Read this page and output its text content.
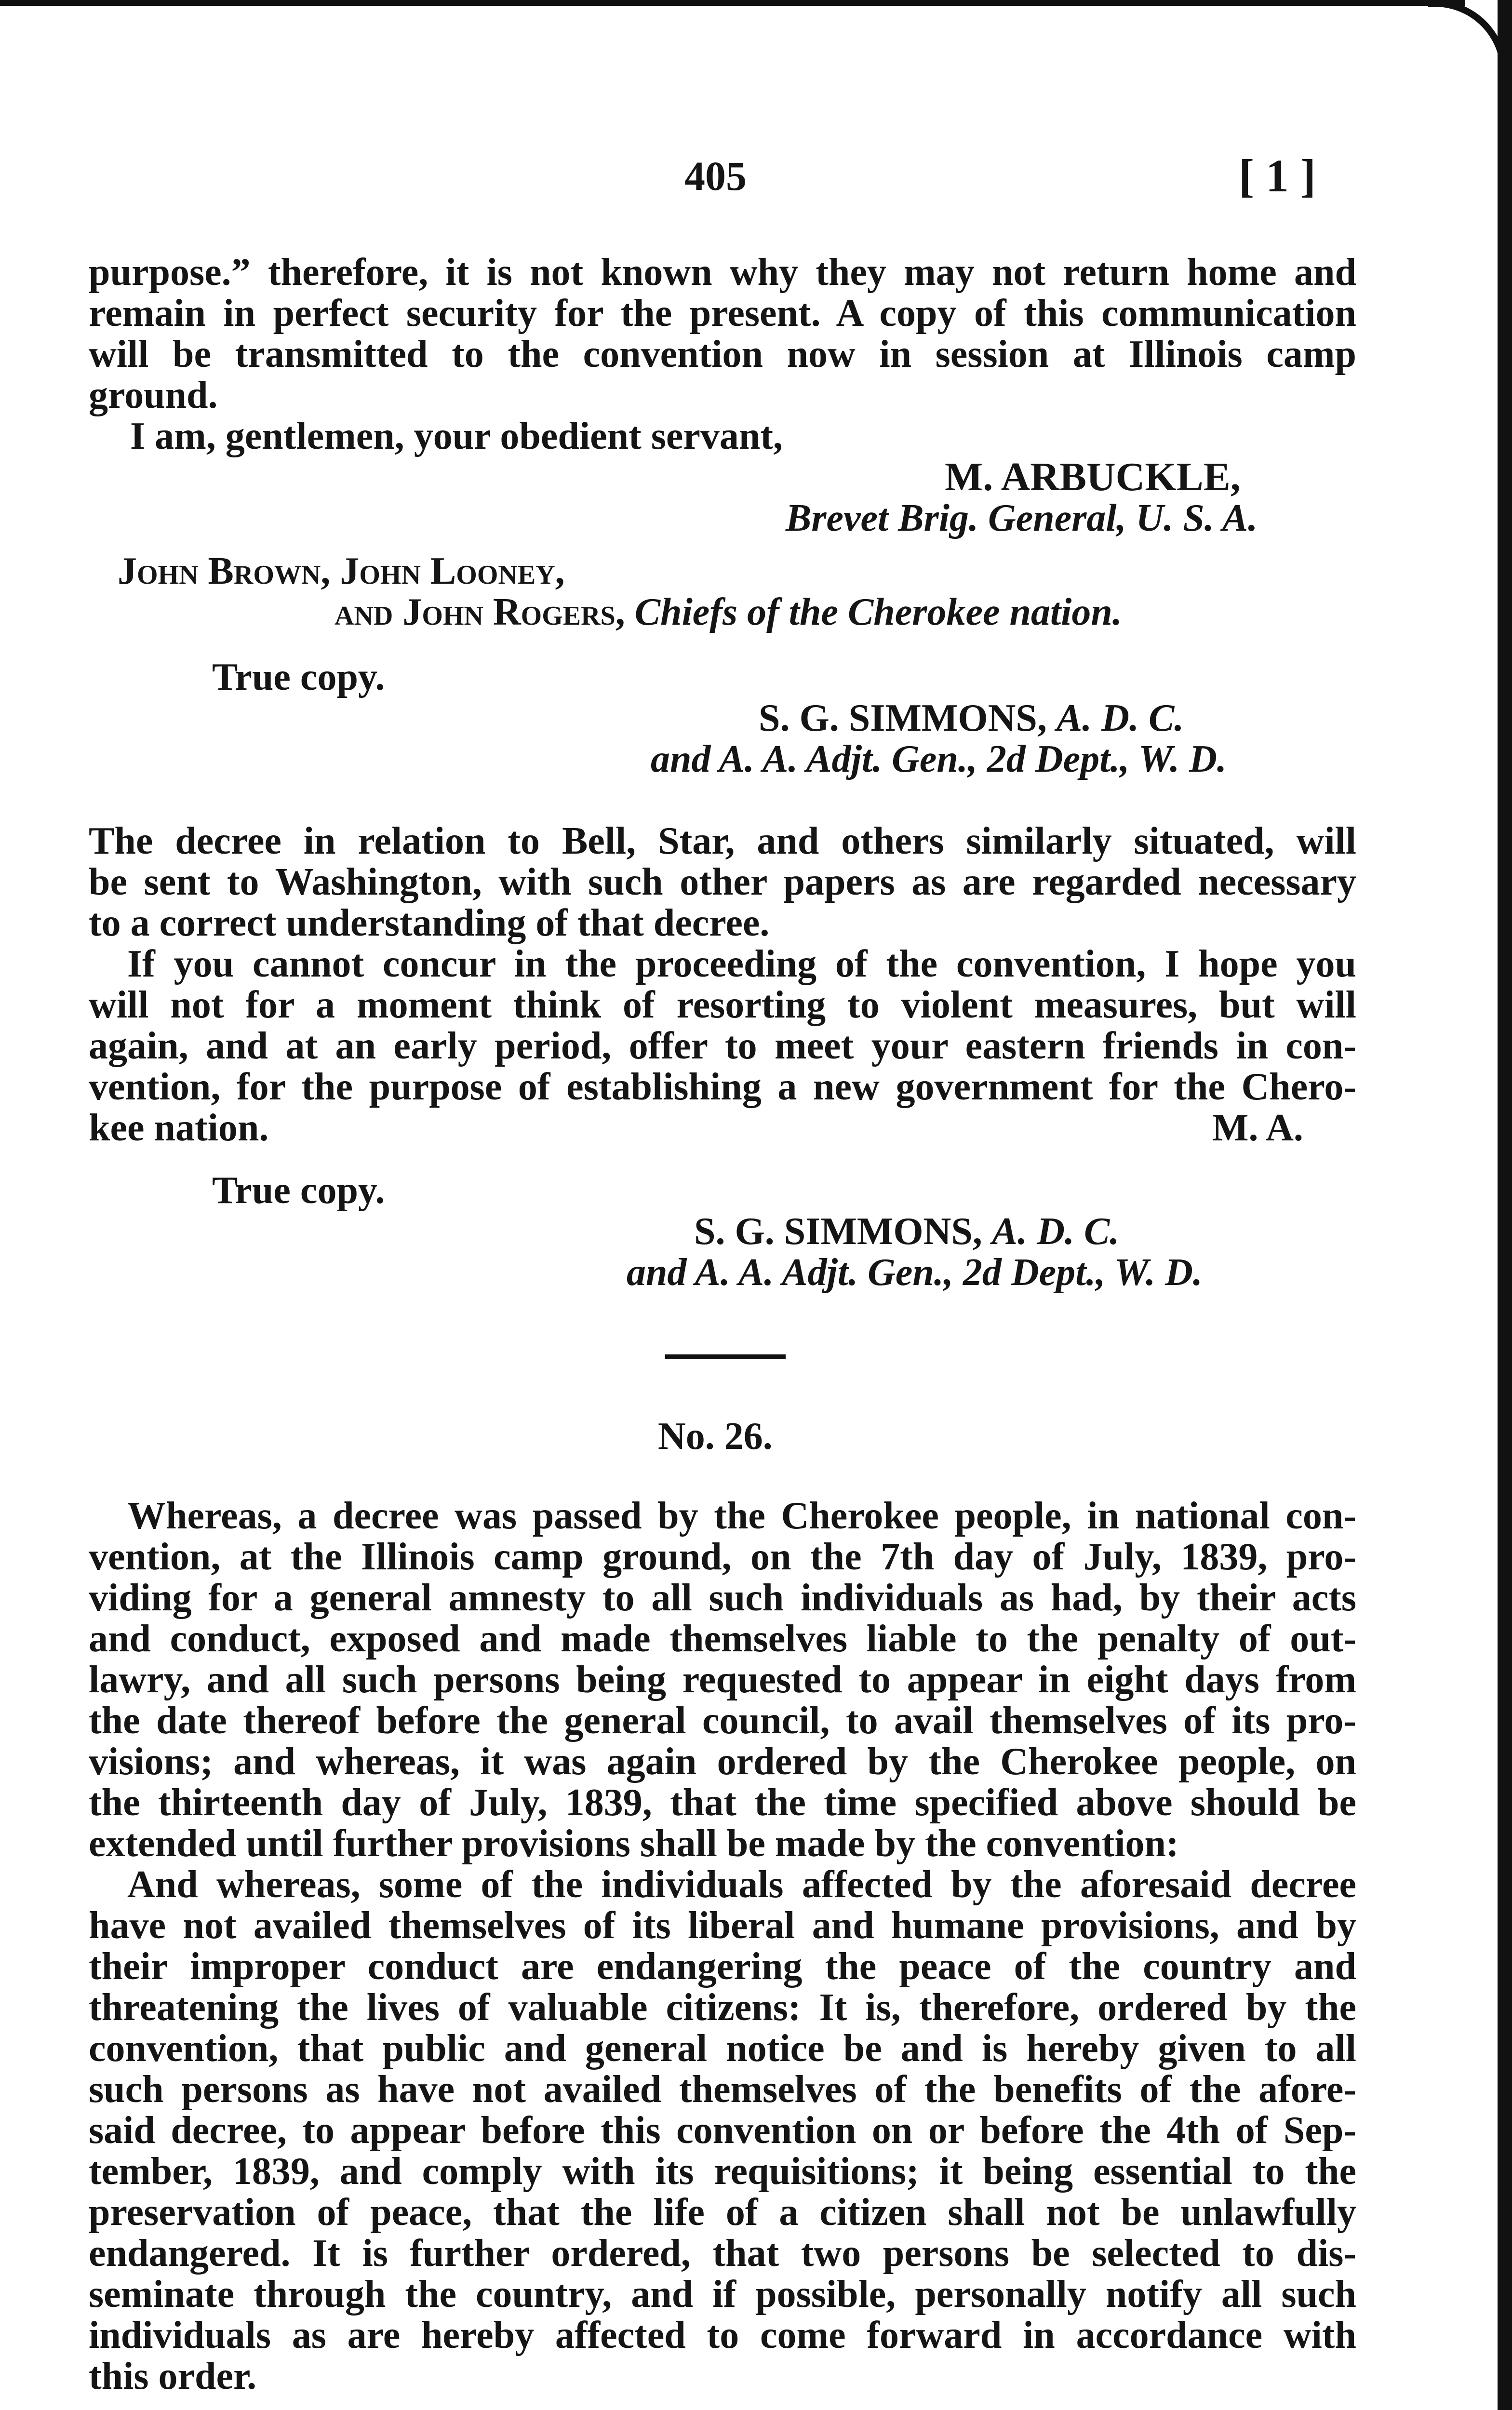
405	[ 1 ]
purpose.” therefore, it is not known why they may not return home and
remain in perfect security for the present. A copy of this communication
will be transmitted to the convention now in session at Illinois camp
ground.
I am, gentlemen, your obedient servant,
M. ARBUCKLE,
Brevet Brig. General, U. S. A.
John Brown, John Looney,
and John Rogers, Chiefs of the Cherokee nation.
True copy.
S. G. SIMMONS, A. D. C.
and A. A. Adjt. Gen., 2d Dept., W. D.
The decree in relation to Bell, Star, and others similarly situated, will
be sent to Washington, with such other papers as are regarded necessary
to a correct understanding of that decree.
If you cannot concur in the proceeding of the convention, I hope you
will not for a moment think of resorting to violent measures, but will
again, and at an early period, offer to meet your eastern friends in con-
vention, for the purpose of establishing a new government for the Chero-
kee nation.	M. A.
True copy.
S. G. SIMMONS, A. D. C.
and A. A. Adjt. Gen., 2d Dept., W. D.
No. 26.
Whereas, a decree was passed by the Cherokee people, in national con-
vention, at the Illinois camp ground, on the 7th day of July, 1839, pro-
viding for a general amnesty to all such individuals as had, by their acts
and conduct, exposed and made themselves liable to the penalty of out-
lawry, and all such persons being requested to appear in eight days from
the date thereof before the general council, to avail themselves of its pro-
visions; and whereas, it was again ordered by the Cherokee people, on
the thirteenth day of July, 1839, that the time specified above should be
extended until further provisions shall be made by the convention:
And whereas, some of the individuals affected by the aforesaid decree
have not availed themselves of its liberal and humane provisions, and by
their improper conduct are endangering the peace of the country and
threatening the lives of valuable citizens: It is, therefore, ordered by the
convention, that public and general notice be and is hereby given to all
such persons as have not availed themselves of the benefits of the afore-
said decree, to appear before this convention on or before the 4th of Sep-
tember, 1839, and comply with its requisitions; it being essential to the
preservation of peace, that the life of a citizen shall not be unlawfully
endangered. It is further ordered, that two persons be selected to dis-
seminate through the country, and if possible, personally notify all such
individuals as are hereby affected to come forward in accordance with
this order.
